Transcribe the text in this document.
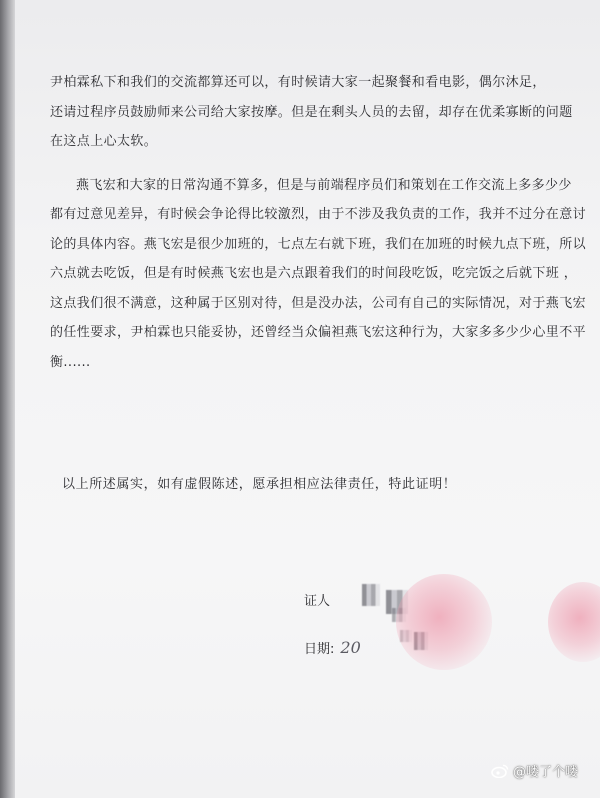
尹柏霖私下和我们的交流都算还可以，有时候请大家一起聚餐和看电影，偶尔沐足，
还请过程序员鼓励师来公司给大家按摩。但是在剩头人员的去留，却存在优柔寡断的问题
在这点上心太软。
燕飞宏和大家的日常沟通不算多，但是与前端程序员们和策划在工作交流上多多少少
都有过意见差异，有时候会争论得比较激烈，由于不涉及我负责的工作，我并不过分在意讨
论的具体内容。燕飞宏是很少加班的，七点左右就下班，我们在加班的时候九点下班，所以
六点就去吃饭，但是有时候燕飞宏也是六点跟着我们的时间段吃饭，吃完饭之后就下班 ，
这点我们很不满意，这种属于区别对待，但是没办法，公司有自己的实际情况，对于燕飞宏
的任性要求，尹柏霖也只能妥协，还曾经当众偏袒燕飞宏这种行为，大家多多少少心里不平
衡......
以上所述属实，如有虚假陈述，愿承担相应法律责任，特此证明！
证人
日期: 20
@喽了个喽
